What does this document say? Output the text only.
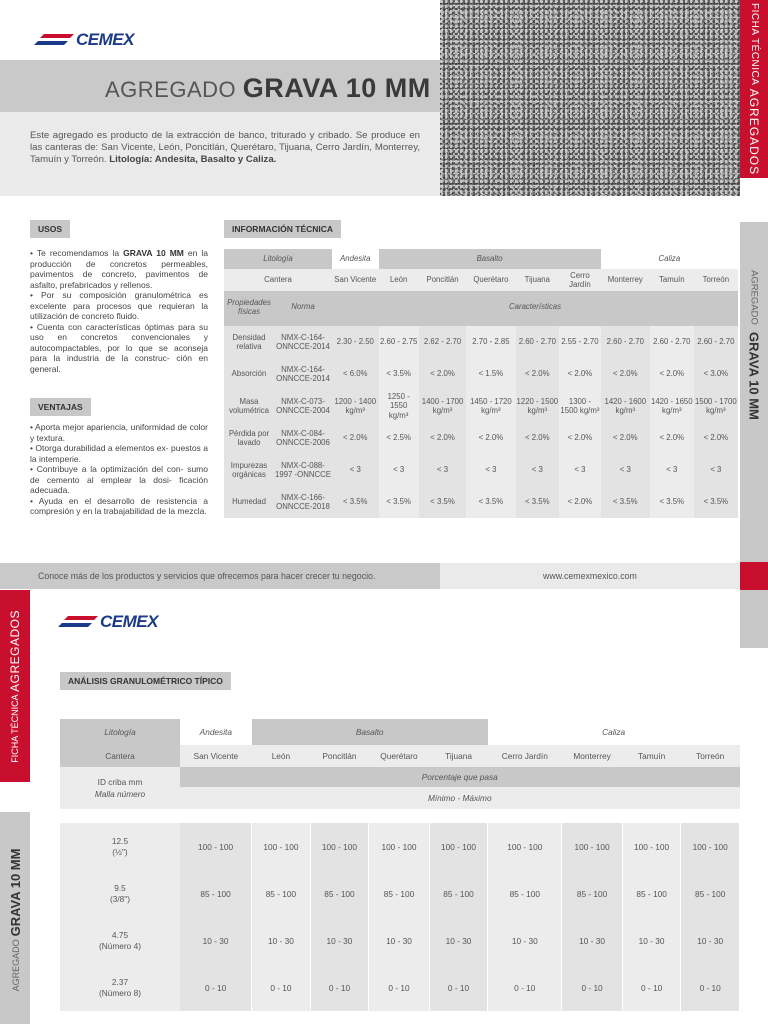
CEMEX
AGREGADO GRAVA 10 MM
Este agregado es producto de la extracción de banco, triturado y cribado. Se produce en las canteras de: San Vicente, León, Poncitlán, Querétaro, Tijuana, Cerro Jardín, Monterrey, Tamuín y Torreón. Litología: Andesita, Basalto y Caliza.
FICHA TÉCNICA AGREGADOS
AGREGADO GRAVA 10 MM
USOS
• Te recomendamos la GRAVA 10 MM en la producción de concretos permeables, pavimentos de concreto, pavimentos de asfalto, prefabricados y rellenos.
• Por su composición granulométrica es excelente para procesos que requieran la utilización de concreto fluido.
• Cuenta con características óptimas para su uso en concretos convencionales y autocompactables, por lo que se aconseja para la industria de la construc- ción en general.
VENTAJAS
• Aporta mejor apariencia, uniformidad de color y textura.
• Otorga durabilidad a elementos ex- puestos a la intemperie.
• Contribuye a la optimización del con- sumo de cemento al emplear la dosi- ficación adecuada.
• Ayuda en el desarrollo de resistencia a compresión y en la trabajabilidad de la mezcla.
INFORMACIÓN TÉCNICA
Litología		Andesita	Basalto					Caliza		
Cantera		San Vicente	León	Poncitlán	Querétaro	Tijuana	Cerro Jardín	Monterrey	Tamuín	Torreón
Propiedades físicas	Norma	Características								

Densidad relativa	NMX-C-164-ONNCCE-2014	2.30 - 2.50	2.60 - 2.75	2.62 - 2.70	2.70 - 2.85	2.60 - 2.70	2.55 - 2.70	2.60 - 2.70	2.60 - 2.70	2.60 - 2.70
Absorción	NMX-C-164-ONNCCE-2014	< 6.0%	< 3.5%	< 2.0%	< 1.5%	< 2.0%	< 2.0%	< 2.0%	< 2.0%	< 3.0%
Masa volumétrica	NMX-C-073-ONNCCE-2004	1200 - 1400 kg/m³	1250 - 1550 kg/m³	1400 - 1700 kg/m³	1450 - 1720 kg/m³	1220 - 1500 kg/m³	1300 - 1500 kg/m³	1420 - 1600 kg/m³	1420 - 1650 kg/m³	1500 - 1700 kg/m³
Pérdida por lavado	NMX-C-084-ONNCCE-2006	< 2.0%	< 2.5%	< 2.0%	< 2.0%	< 2.0%	< 2.0%	< 2.0%	< 2.0%	< 2.0%
Impurezas orgánicas	NMX-C-088-1997 -ONNCCE	< 3	< 3	< 3	< 3	< 3	< 3	< 3	< 3	< 3
Humedad	NMX-C-166-ONNCCE-2018	< 3.5%	< 3.5%	< 3.5%	< 3.5%	< 3.5%	< 2.0%	< 3.5%	< 3.5%	< 3.5%
Conoce más de los productos y servicios que ofrecemos para hacer crecer tu negocio.	www.cemexmexico.com
CEMEX
FICHA TÉCNICA AGREGADOS
AGREGADO GRAVA 10 MM
ANÁLISIS GRANULOMÉTRICO TÍPICO
Litología	Andesita	Basalto				Caliza			
Cantera	San Vicente	León	Poncitlán	Querétaro	Tijuana	Cerro Jardín	Monterrey	Tamuín	Torreón
ID criba mm
Malla número	Porcentaje que pasa								
	Mínimo - Máximo								

12.5
(½")	100 - 100	100 - 100	100 - 100	100 - 100	100 - 100	100 - 100	100 - 100	100 - 100	100 - 100

9.5
(3/8")	85 - 100	85 - 100	85 - 100	85 - 100	85 - 100	85 - 100	85 - 100	85 - 100	85 - 100

4.75
(Número 4)	10 - 30	10 - 30	10 - 30	10 - 30	10 - 30	10 - 30	10 - 30	10 - 30	10 - 30

2.37
(Número 8)	0 - 10	0 - 10	0 - 10	0 - 10	0 - 10	0 - 10	0 - 10	0 - 10	0 - 10
